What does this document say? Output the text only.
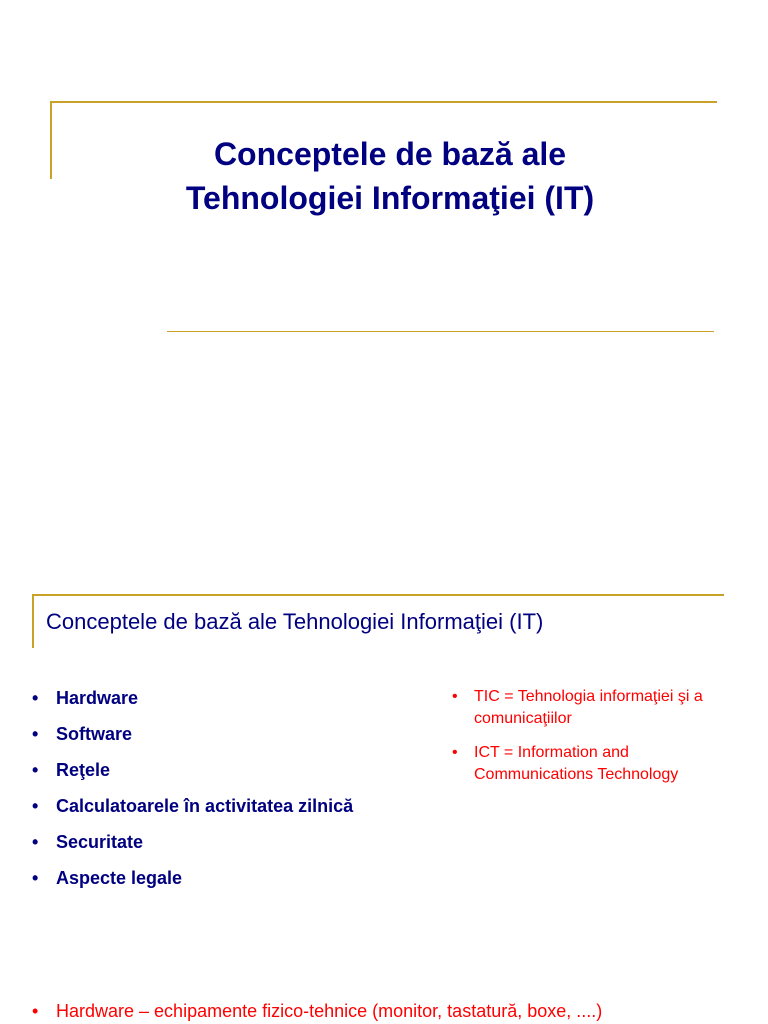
Conceptele de bază ale
Tehnologiei Informaţiei (IT)
Conceptele de bază ale Tehnologiei Informaţiei (IT)
• Hardware
• Software
• Reţele
• Calculatoarele în activitatea zilnică
• Securitate
• Aspecte legale
• TIC = Tehnologia informaţiei şi a comunicaţiilor
• ICT = Information and Communications Technology
• Hardware – echipamente fizico-tehnice (monitor, tastatură, boxe, ....)
